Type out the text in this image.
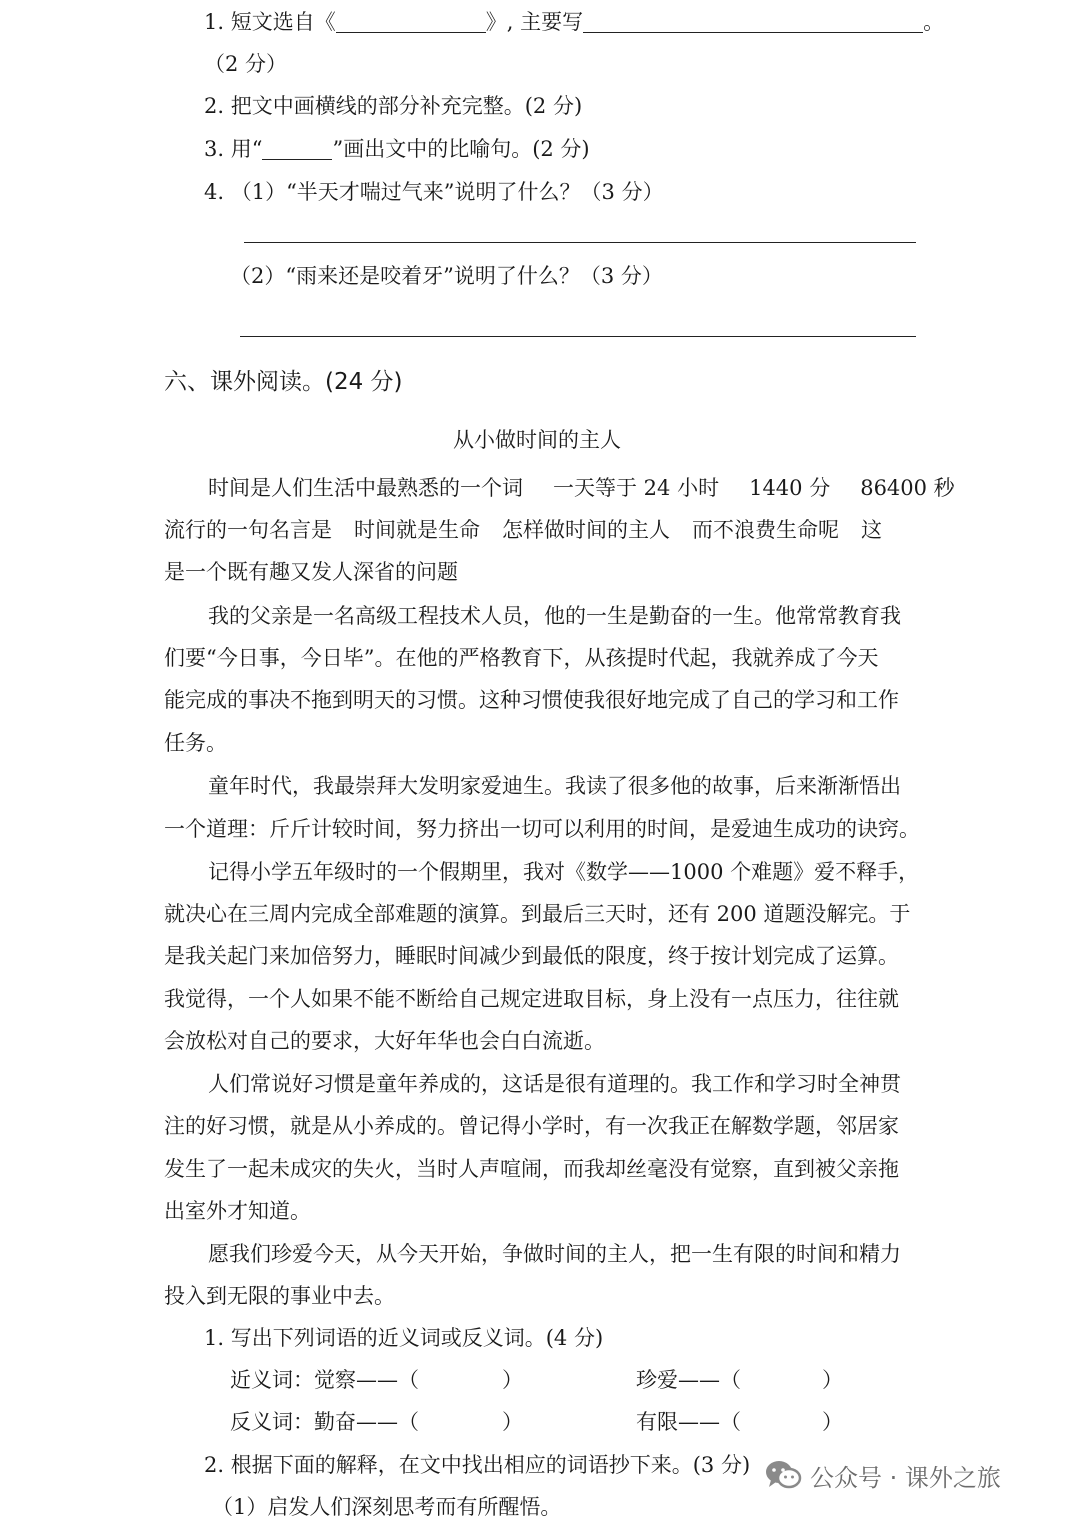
1. 短文选自《	》, 主要写	。
（2 分）
2. 把文中画横线的部分补充完整。(2 分)
3. 用“	”画出文中的比喻句。(2 分)
4. （1）“半天才喘过气来”说明了什么？（3 分）
（2）“雨来还是咬着牙”说明了什么？（3 分）
六、课外阅读。(24 分)
从小做时间的主人
时间是人们生活中最熟悉的一个词 一天等于 24 小时 1440 分 86400 秒
流行的一句名言是 时间就是生命 怎样做时间的主人 而不浪费生命呢 这
是一个既有趣又发人深省的问题
我的父亲是一名高级工程技术人员，他的一生是勤奋的一生。他常常教育我
们要“今日事，今日毕”。在他的严格教育下，从孩提时代起，我就养成了今天
能完成的事决不拖到明天的习惯。这种习惯使我很好地完成了自己的学习和工作
任务。
童年时代，我最崇拜大发明家爱迪生。我读了很多他的故事，后来渐渐悟出
一个道理：斤斤计较时间，努力挤出一切可以利用的时间，是爱迪生成功的诀窍。
记得小学五年级时的一个假期里，我对《数学——1000 个难题》爱不释手，
就决心在三周内完成全部难题的演算。到最后三天时，还有 200 道题没解完。于
是我关起门来加倍努力，睡眠时间减少到最低的限度，终于按计划完成了运算。
我觉得，一个人如果不能不断给自己规定进取目标，身上没有一点压力，往往就
会放松对自己的要求，大好年华也会白白流逝。
人们常说好习惯是童年养成的，这话是很有道理的。我工作和学习时全神贯
注的好习惯，就是从小养成的。曾记得小学时，有一次我正在解数学题，邻居家
发生了一起未成灾的失火，当时人声喧闹，而我却丝毫没有觉察，直到被父亲拖
出室外才知道。
愿我们珍爱今天，从今天开始，争做时间的主人，把一生有限的时间和精力
投入到无限的事业中去。
1. 写出下列词语的近义词或反义词。(4 分)
近义词：觉察——（	）	珍爱——（	）
反义词：勤奋——（	）	有限——（	）
2. 根据下面的解释，在文中找出相应的词语抄下来。(3 分)
（1）启发人们深刻思考而有所醒悟。
公众号 · 课外之旅
